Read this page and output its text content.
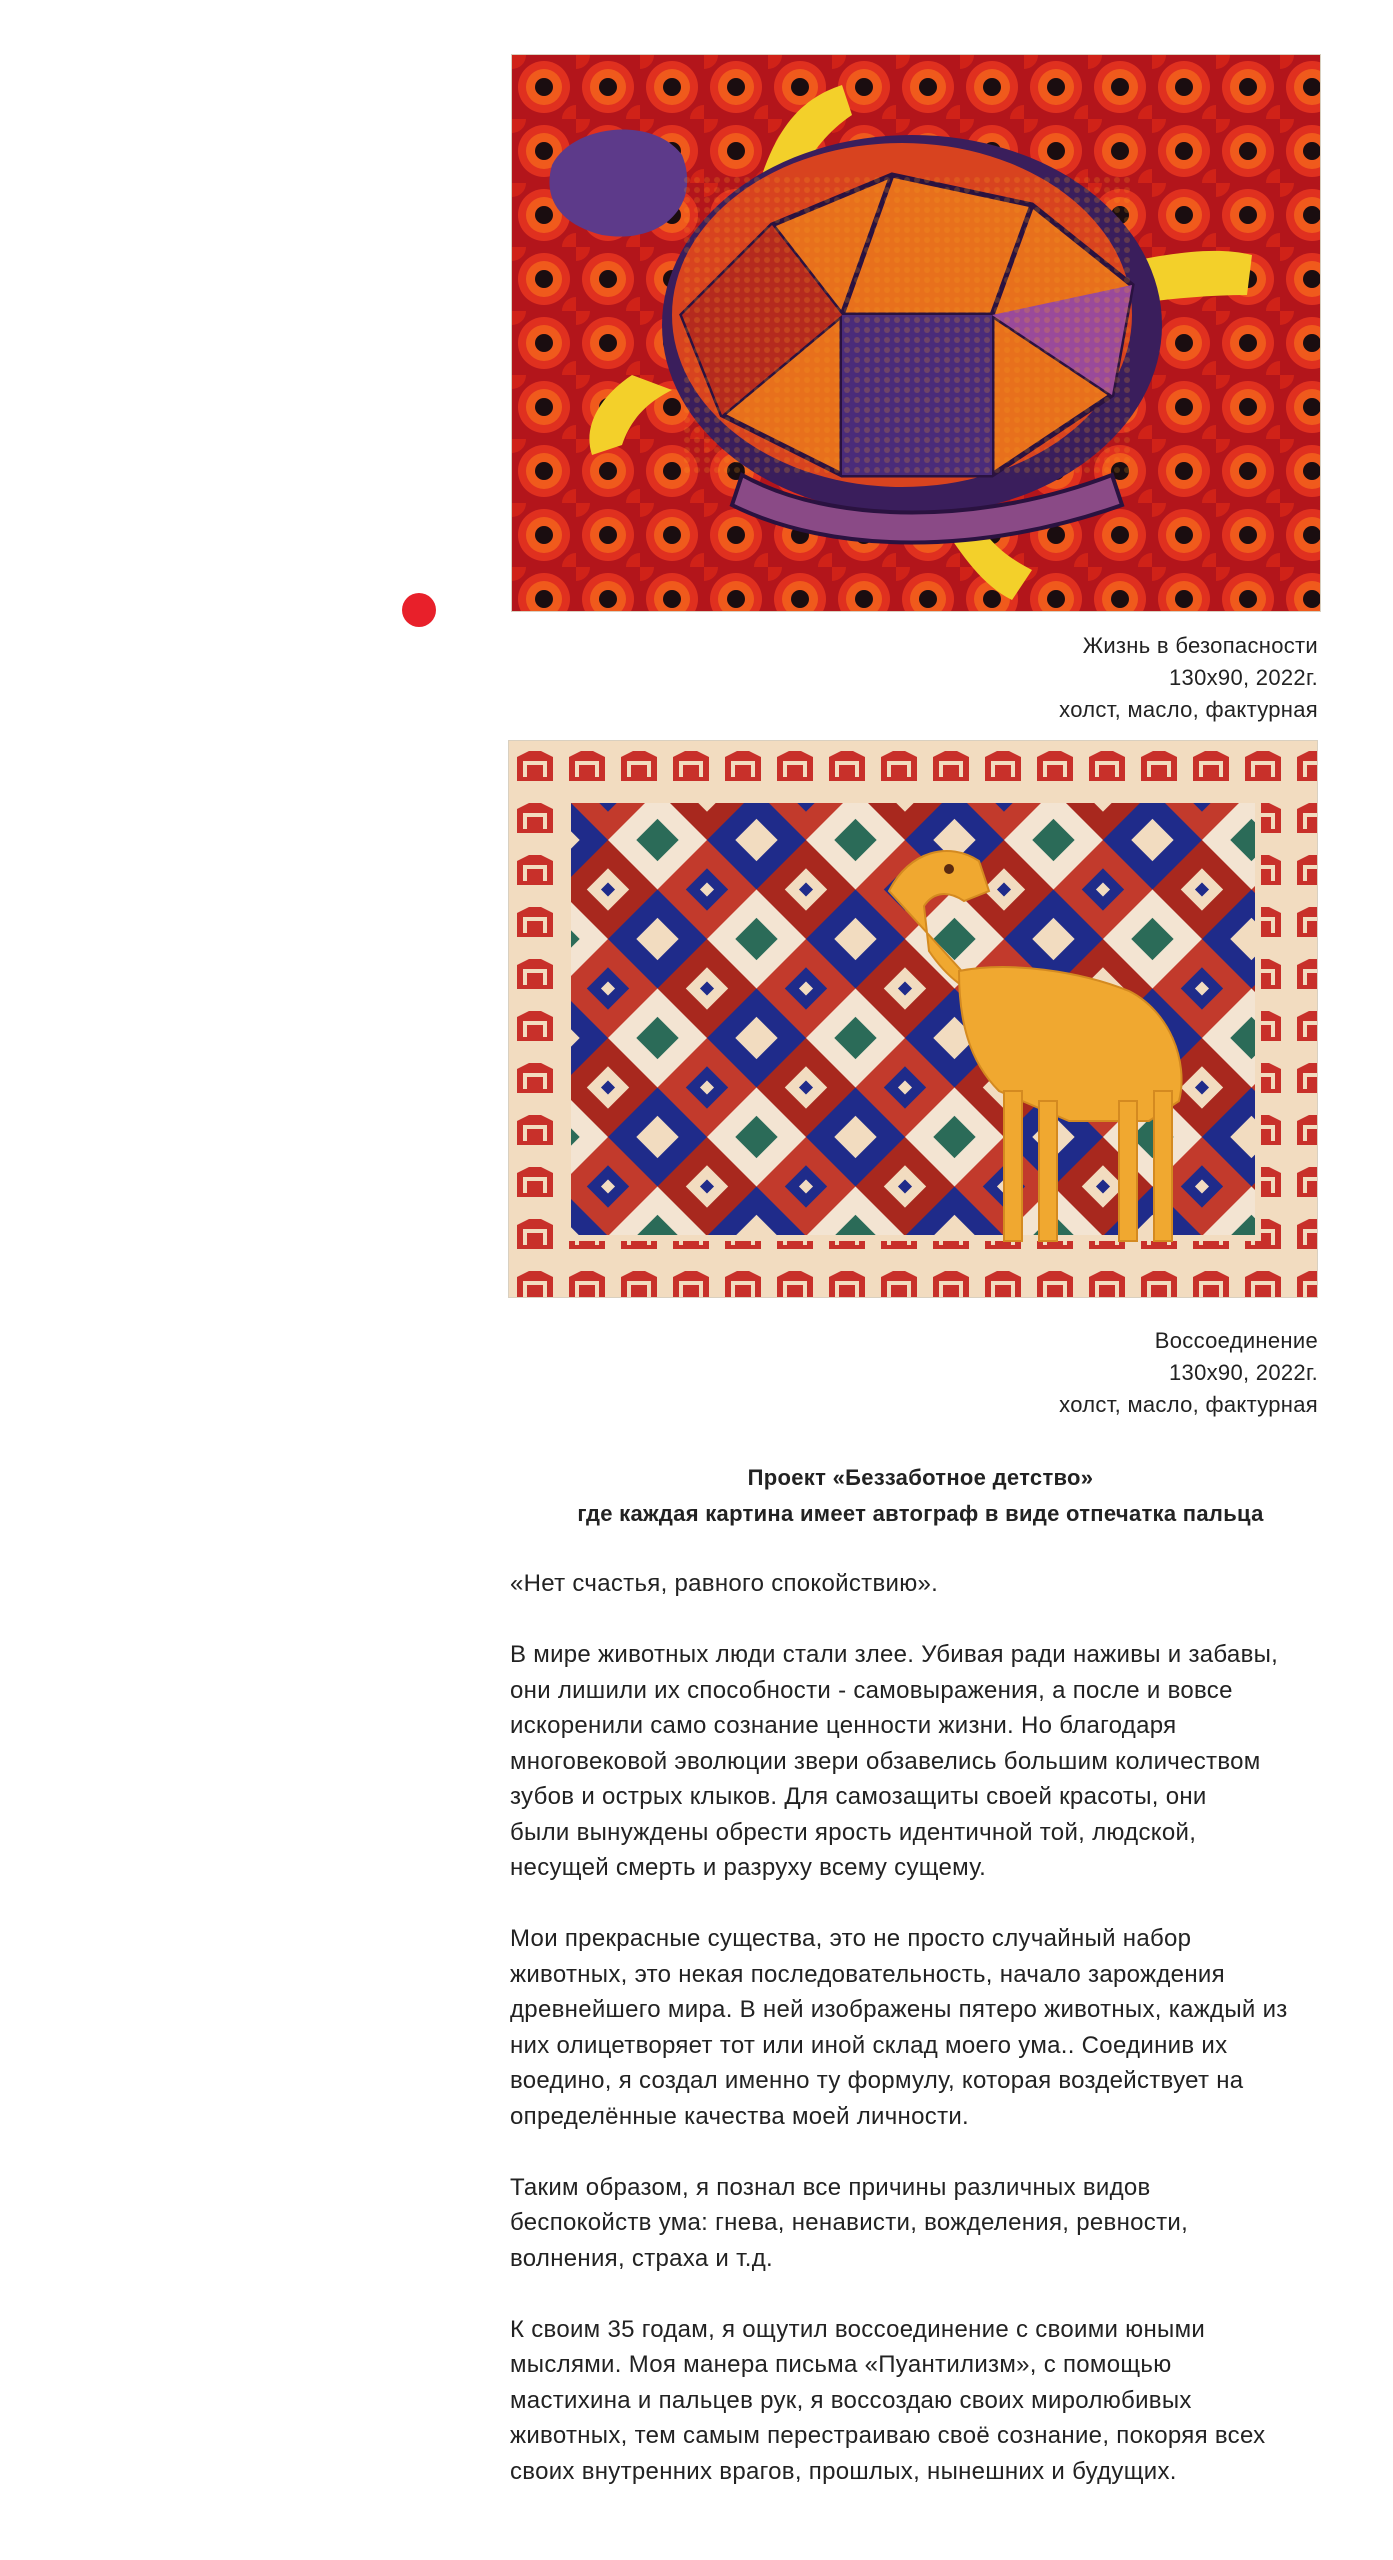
Жизнь в безопасности
130x90, 2022г.
холст, масло, фактурная
Воссоединение
130x90, 2022г.
холст, масло, фактурная
Проект «Беззаботное детство»
где каждая картина имеет автограф в виде отпечатка пальца
«Нет счастья, равного спокойствию».
В мире животных люди стали злее. Убивая ради наживы и забавы,
они лишили их способности - самовыражения, а после и вовсе
искоренили само сознание ценности жизни. Но благодаря
многовековой эволюции звери обзавелись большим количеством
зубов и острых клыков. Для самозащиты своей красоты, они
были вынуждены обрести ярость идентичной той, людской,
несущей смерть и разруху всему сущему.
Мои прекрасные существа, это не просто случайный набор
животных, это некая последовательность, начало зарождения
древнейшего мира. В ней изображены пятеро животных, каждый из
них олицетворяет тот или иной склад моего ума.. Соединив их
воедино, я создал именно ту формулу, которая воздействует на
определённые качества моей личности.
Таким образом, я познал все причины различных видов
беспокойств ума: гнева, ненависти, вожделения, ревности,
волнения, страха и т.д.
К своим 35 годам, я ощутил воссоединение с своими юными
мыслями. Моя манера письма «Пуантилизм», с помощью
мастихина и пальцев рук, я воссоздаю своих миролюбивых
животных, тем самым перестраиваю своё сознание, покоряя всех
своих внутренних врагов, прошлых, нынешних и будущих.
